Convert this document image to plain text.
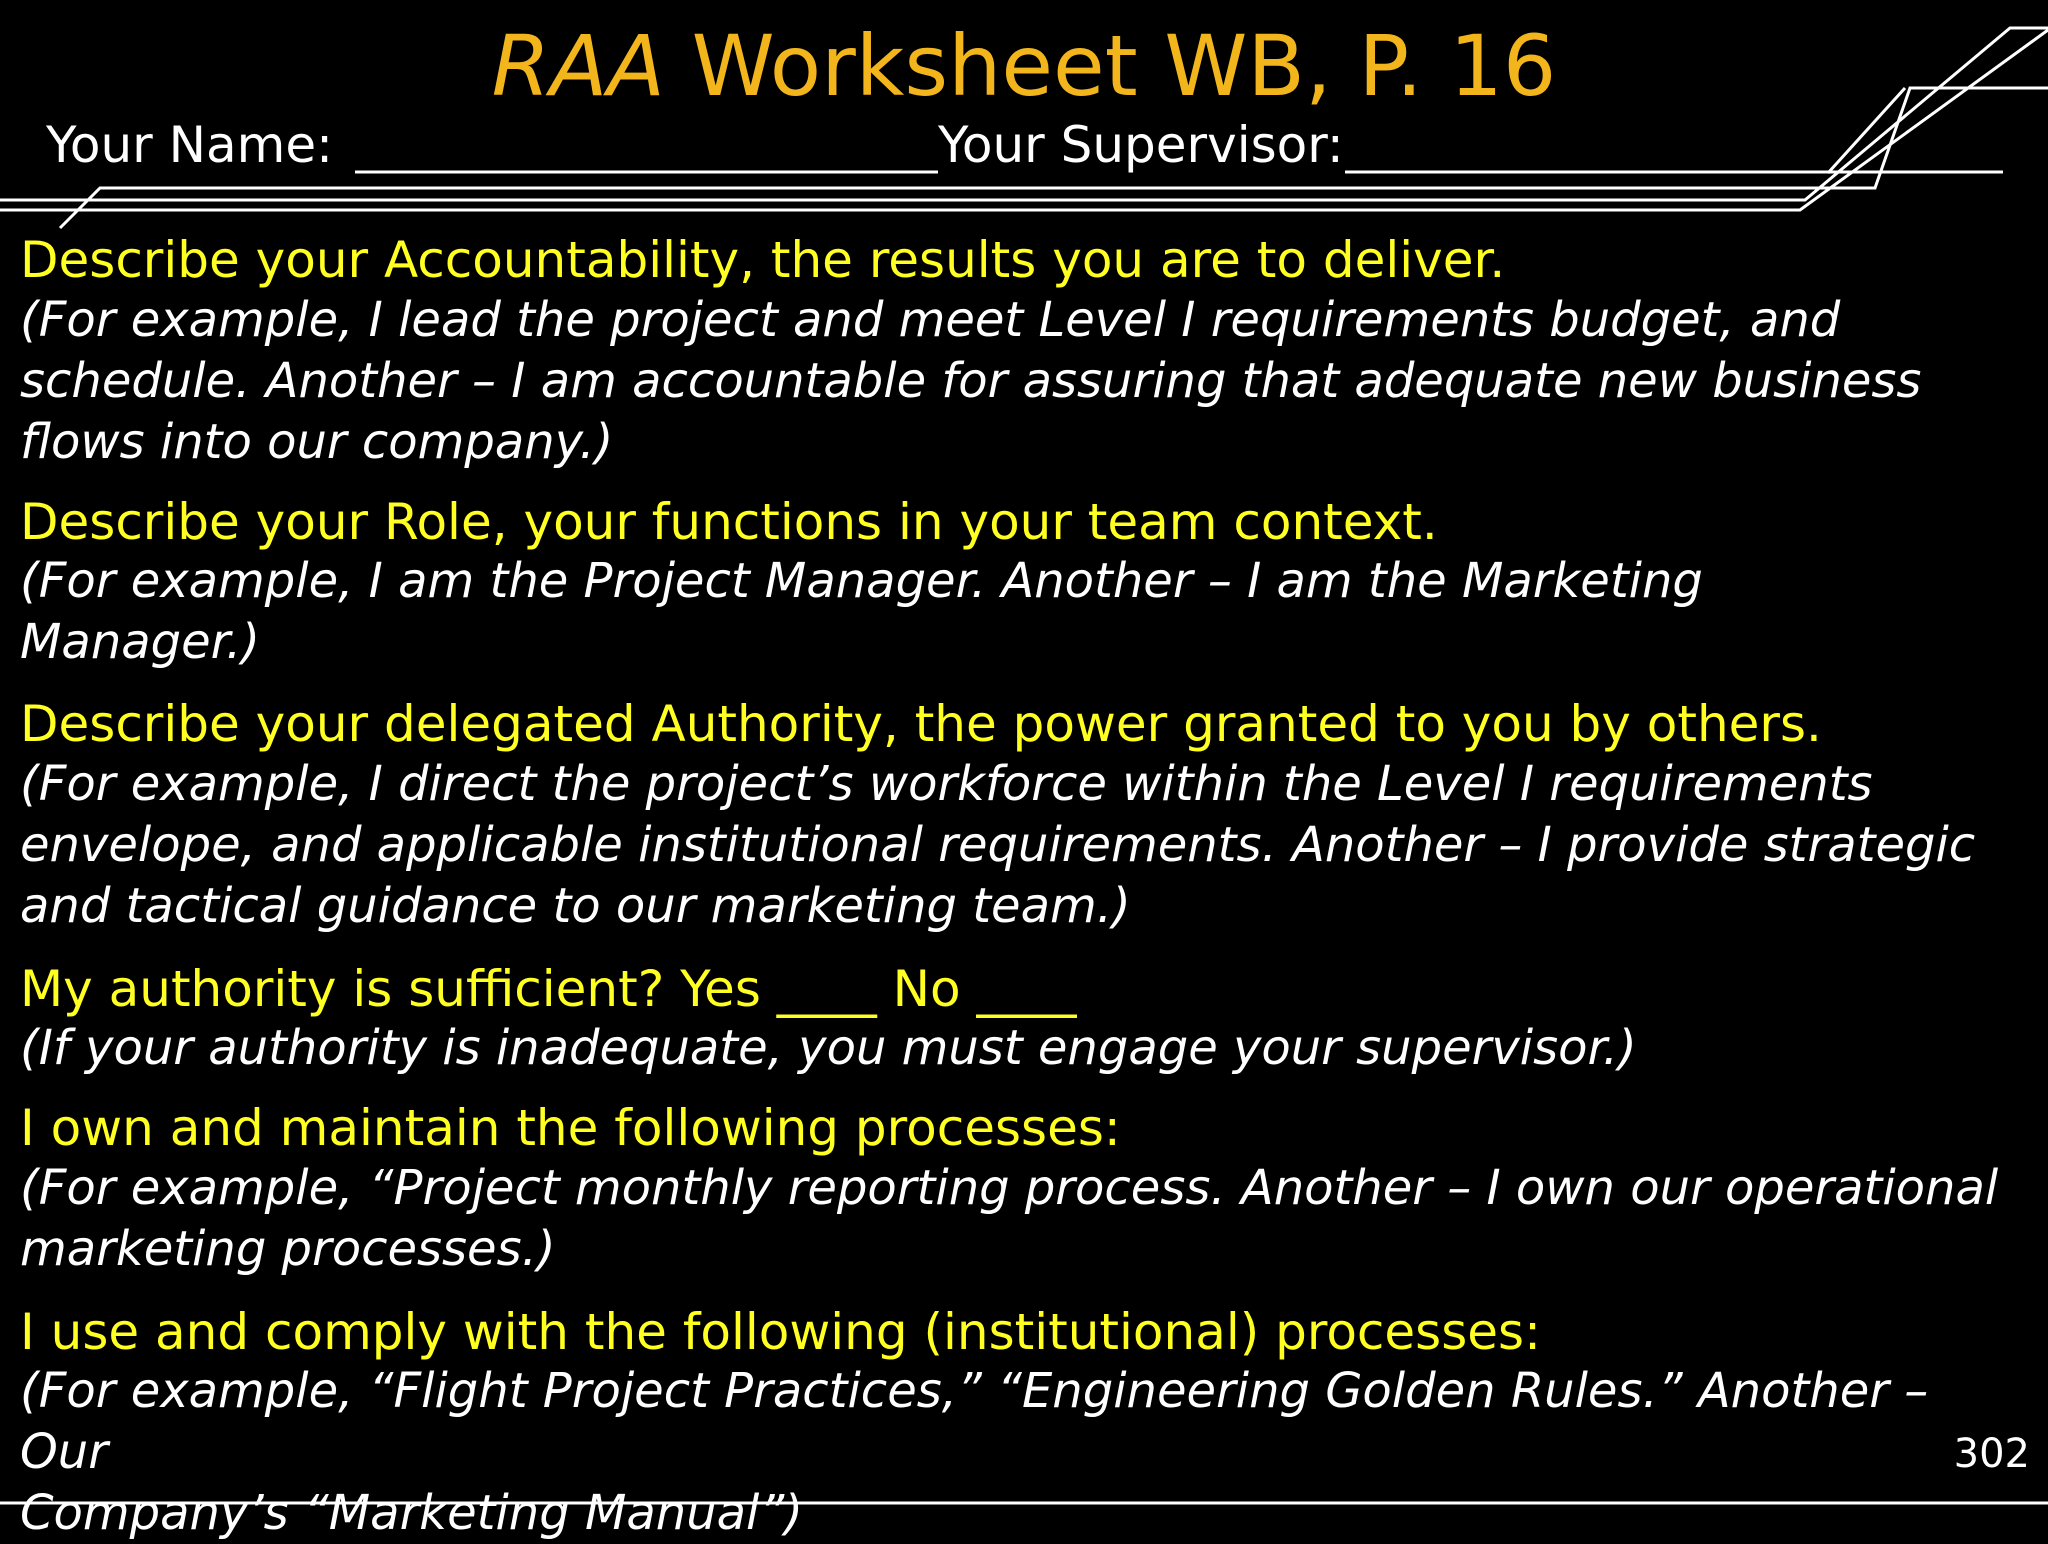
RAA Worksheet WB, P. 16
Your Name:	Your Supervisor:
Describe your Accountability, the results you are to deliver.
(For example, I lead the project and meet Level I requirements budget, and
schedule. Another – I am accountable for assuring that adequate new business
flows into our company.)
Describe your Role, your functions in your team context.
(For example, I am the Project Manager. Another – I am the Marketing
Manager.)
Describe your delegated Authority, the power granted to you by others.
(For example, I direct the project’s workforce within the Level I requirements
envelope, and applicable institutional requirements. Another – I provide strategic
and tactical guidance to our marketing team.)
My authority is sufficient? Yes ____ No ____
(If your authority is inadequate, you must engage your supervisor.)
I own and maintain the following processes:
(For example, “Project monthly reporting process. Another – I own our operational
marketing processes.)
I use and comply with the following (institutional) processes:
(For example, “Flight Project Practices,” “Engineering Golden Rules.” Another – Our
Company’s “Marketing Manual”)
302
